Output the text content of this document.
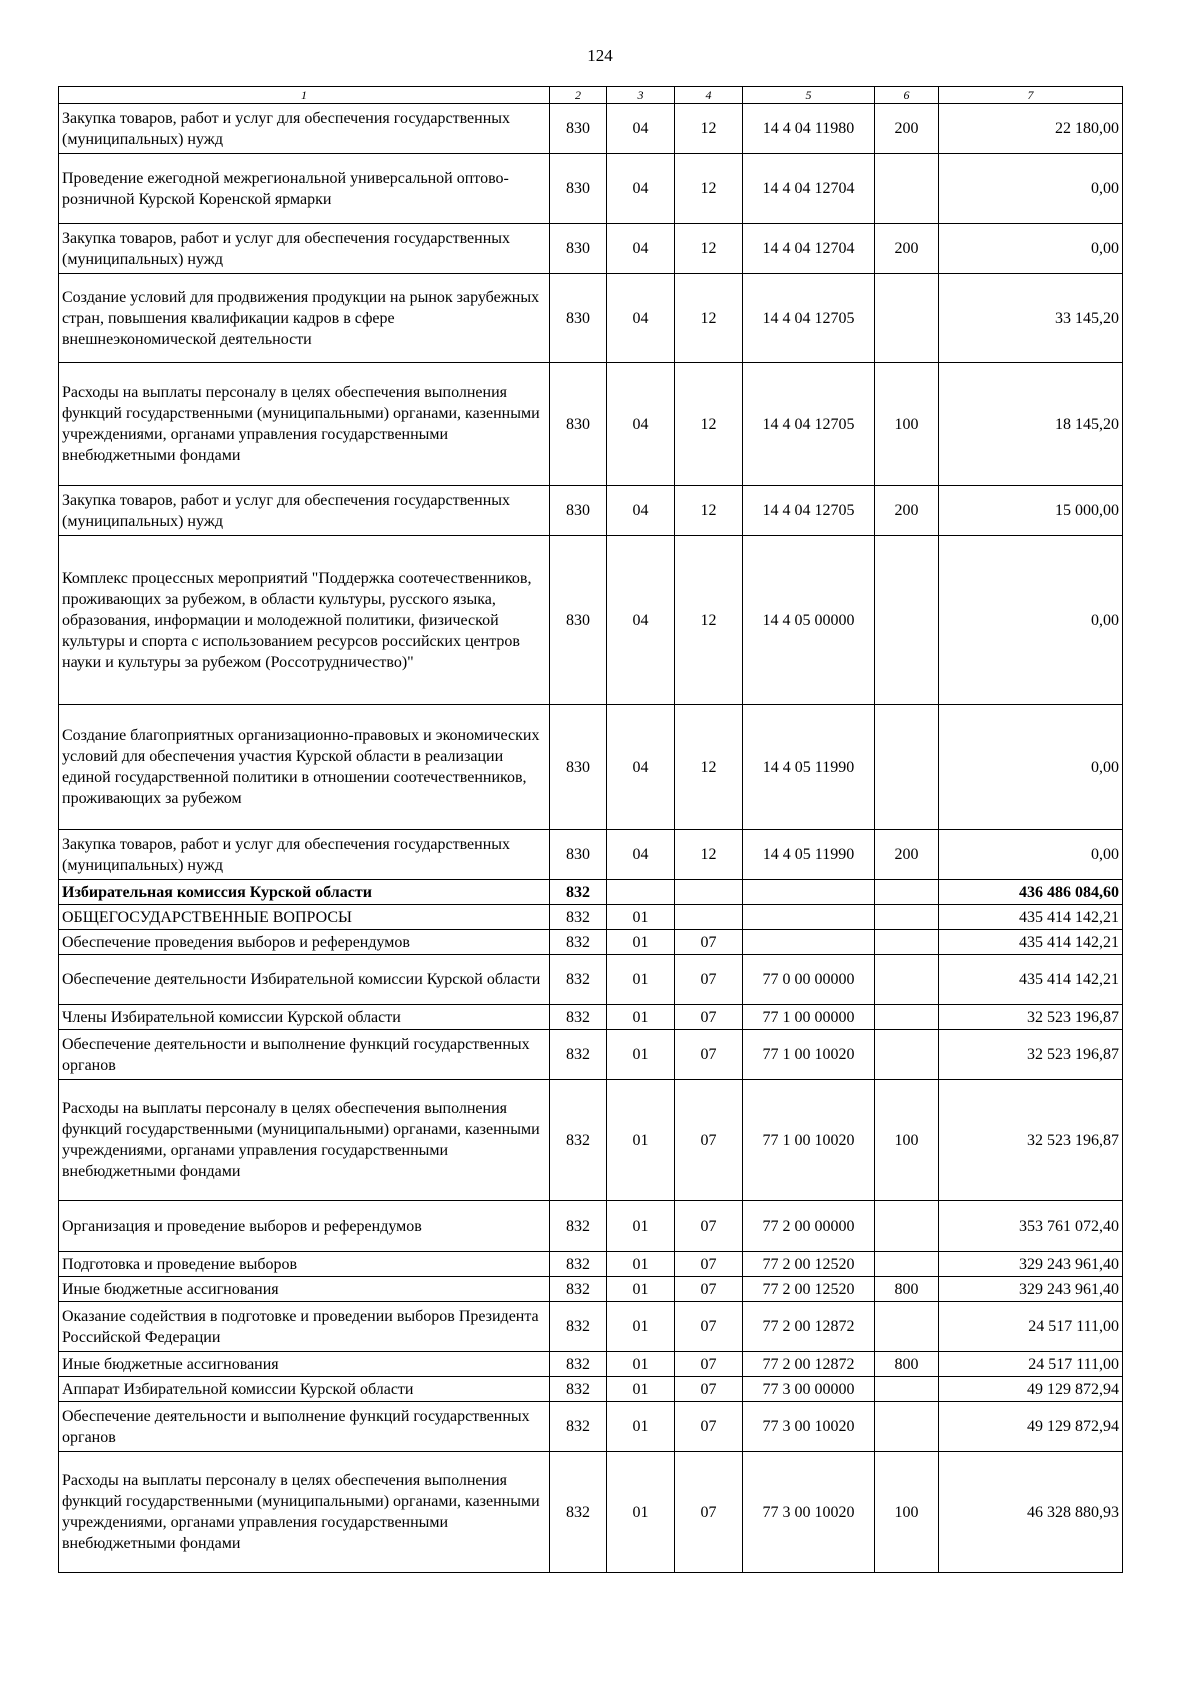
124
1	2	3	4	5	6	7
Закупка товаров, работ и услуг для обеспечения государственных (муниципальных) нужд	830	04	12	14 4 04 11980	200	22 180,00
Проведение ежегодной межрегиональной универсальной оптово-розничной Курской Коренской ярмарки	830	04	12	14 4 04 12704		0,00
Закупка товаров, работ и услуг для обеспечения государственных (муниципальных) нужд	830	04	12	14 4 04 12704	200	0,00
Создание условий для продвижения продукции на рынок зарубежных стран, повышения квалификации кадров в сфере внешнеэкономической деятельности	830	04	12	14 4 04 12705		33 145,20
Расходы на выплаты персоналу в целях обеспечения выполнения функций государственными (муниципальными) органами, казенными учреждениями, органами управления государственными внебюджетными фондами	830	04	12	14 4 04 12705	100	18 145,20
Закупка товаров, работ и услуг для обеспечения государственных (муниципальных) нужд	830	04	12	14 4 04 12705	200	15 000,00
Комплекс процессных мероприятий "Поддержка соотечественников, проживающих за рубежом, в области культуры, русского языка, образования, информации и молодежной политики, физической культуры и спорта с использованием ресурсов российских центров науки и культуры за рубежом (Россотрудничество)"	830	04	12	14 4 05 00000		0,00
Создание благоприятных организационно-правовых и экономических условий для обеспечения участия Курской области в реализации единой государственной политики в отношении соотечественников, проживающих за рубежом	830	04	12	14 4 05 11990		0,00
Закупка товаров, работ и услуг для обеспечения государственных (муниципальных) нужд	830	04	12	14 4 05 11990	200	0,00
Избирательная комиссия Курской области	832					436 486 084,60
ОБЩЕГОСУДАРСТВЕННЫЕ ВОПРОСЫ	832	01				435 414 142,21
Обеспечение проведения выборов и референдумов	832	01	07			435 414 142,21
Обеспечение деятельности Избирательной комиссии Курской области	832	01	07	77 0 00 00000		435 414 142,21
Члены Избирательной комиссии Курской области	832	01	07	77 1 00 00000		32 523 196,87
Обеспечение деятельности и выполнение функций государственных органов	832	01	07	77 1 00 10020		32 523 196,87
Расходы на выплаты персоналу в целях обеспечения выполнения функций государственными (муниципальными) органами, казенными учреждениями, органами управления государственными внебюджетными фондами	832	01	07	77 1 00 10020	100	32 523 196,87
Организация и проведение выборов и референдумов	832	01	07	77 2 00 00000		353 761 072,40
Подготовка и проведение выборов	832	01	07	77 2 00 12520		329 243 961,40
Иные бюджетные ассигнования	832	01	07	77 2 00 12520	800	329 243 961,40
Оказание содействия в подготовке и проведении выборов Президента Российской Федерации	832	01	07	77 2 00 12872		24 517 111,00
Иные бюджетные ассигнования	832	01	07	77 2 00 12872	800	24 517 111,00
Аппарат Избирательной комиссии Курской области	832	01	07	77 3 00 00000		49 129 872,94
Обеспечение деятельности и выполнение функций государственных органов	832	01	07	77 3 00 10020		49 129 872,94
Расходы на выплаты персоналу в целях обеспечения выполнения функций государственными (муниципальными) органами, казенными учреждениями, органами управления государственными внебюджетными фондами	832	01	07	77 3 00 10020	100	46 328 880,93
